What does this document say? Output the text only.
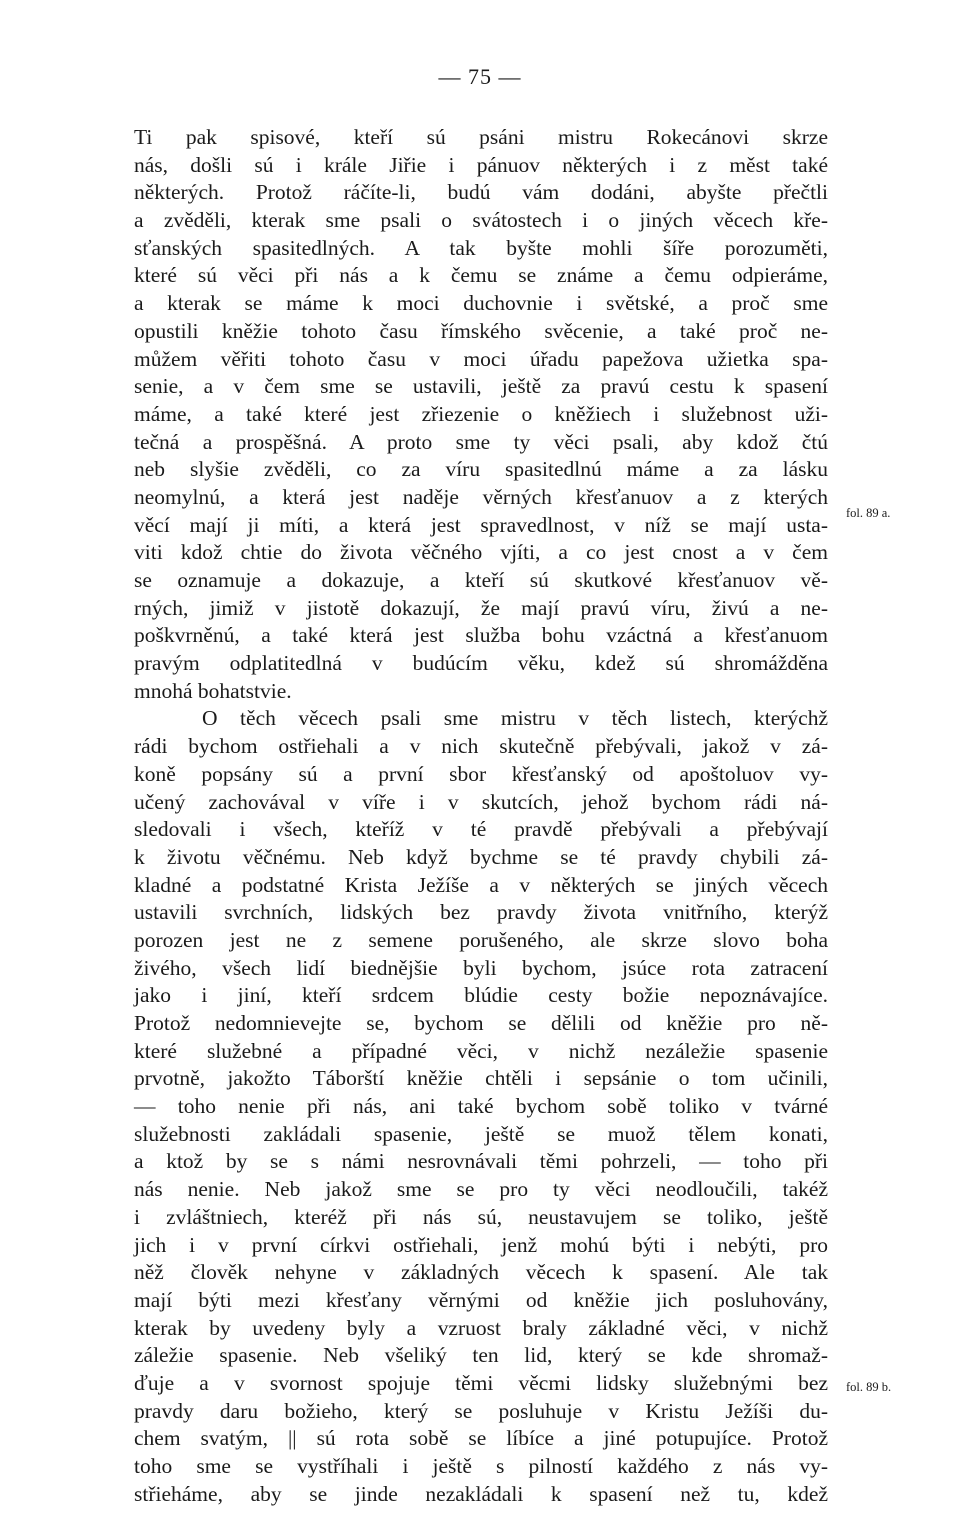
— 75 —
Ti pak spisové, kteří sú psáni mistru Rokecánovi skrze
nás, došli sú i krále Jiřie i pánuov některých i z měst také
některých. Protož ráčíte-li, budú vám dodáni, abyšte přečtli
a zvěděli, kterak sme psali o svátostech i o jiných věcech kře-
sťanských spasitedlných. A tak byšte mohli šíře porozuměti,
které sú věci při nás a k čemu se známe a čemu odpieráme,
a kterak se máme k moci duchovnie i světské, a proč sme
opustili kněžie tohoto času římského svěcenie, a také proč ne-
můžem věřiti tohoto času v moci úřadu papežova užietka spa-
senie, a v čem sme se ustavili, ještě za pravú cestu k spasení
máme, a také které jest zřiezenie o kněžiech i služebnost uži-
tečná a prospěšná. A proto sme ty věci psali, aby kdož čtú
neb slyšie zvěděli, co za víru spasitedlnú máme a za lásku
neomylnú, a která jest naděje věrných křesťanuov a z kterých
věcí mají ji míti, a která jest spravedlnost, v níž se mají usta-
viti kdož chtie do života věčného vjíti, a co jest cnost a v čem
se oznamuje a dokazuje, a kteří sú skutkové křesťanuov vě-
rných, jimiž v jistotě dokazují, že mají pravú víru, živú a ne-
poškvrněnú, a také která jest služba bohu vzáctná a křesťanuom
pravým odplatitedlná v budúcím věku, kdež sú shromážděna
mnohá bohatstvie.
O těch věcech psali sme mistru v těch listech, kterýchž
rádi bychom ostřiehali a v nich skutečně přebývali, jakož v zá-
koně popsány sú a první sbor křesťanský od apoštoluov vy-
učený zachovával v víře i v skutcích, jehož bychom rádi ná-
sledovali i všech, kteříž v té pravdě přebývali a přebývají
k životu věčnému. Neb když bychme se té pravdy chybili zá-
kladné a podstatné Krista Ježíše a v některých se jiných věcech
ustavili svrchních, lidských bez pravdy života vnitřního, kterýž
porozen jest ne z semene porušeného, ale skrze slovo boha
živého, všech lidí biednějšie byli bychom, jsúce rota zatracení
jako i jiní, kteří srdcem blúdie cesty božie nepoznávajíce.
Protož nedomnievejte se, bychom se dělili od kněžie pro ně-
které služebné a případné věci, v nichž nezáležie spasenie
prvotně, jakožto Táborští kněžie chtěli i sepsánie o tom učinili,
— toho nenie při nás, ani také bychom sobě toliko v tvárné
služebnosti zakládali spasenie, ještě se muož tělem konati,
a ktož by se s námi nesrovnávali těmi pohrzeli, — toho při
nás nenie. Neb jakož sme se pro ty věci neodloučili, takéž
i zvláštniech, kteréž při nás sú, neustavujem se toliko, ještě
jich i v první církvi ostřiehali, jenž mohú býti i nebýti, pro
něž člověk nehyne v základných věcech k spasení. Ale tak
mají býti mezi křesťany věrnými od kněžie jich posluhovány,
kterak by uvedeny byly a vzruost braly základné věci, v nichž
záležie spasenie. Neb všeliký ten lid, který se kde shromaž-
ďuje a v svornost spojuje těmi věcmi lidsky služebnými bez
pravdy daru božieho, který se posluhuje v Kristu Ježíši du-
chem svatým, || sú rota sobě se líbíce a jiné potupujíce. Protož
toho sme se vystříhali i ještě s pilností každého z nás vy-
střieháme, aby se jinde nezakládali k spasení než tu, kdež
fol. 89 a.
fol. 89 b.
